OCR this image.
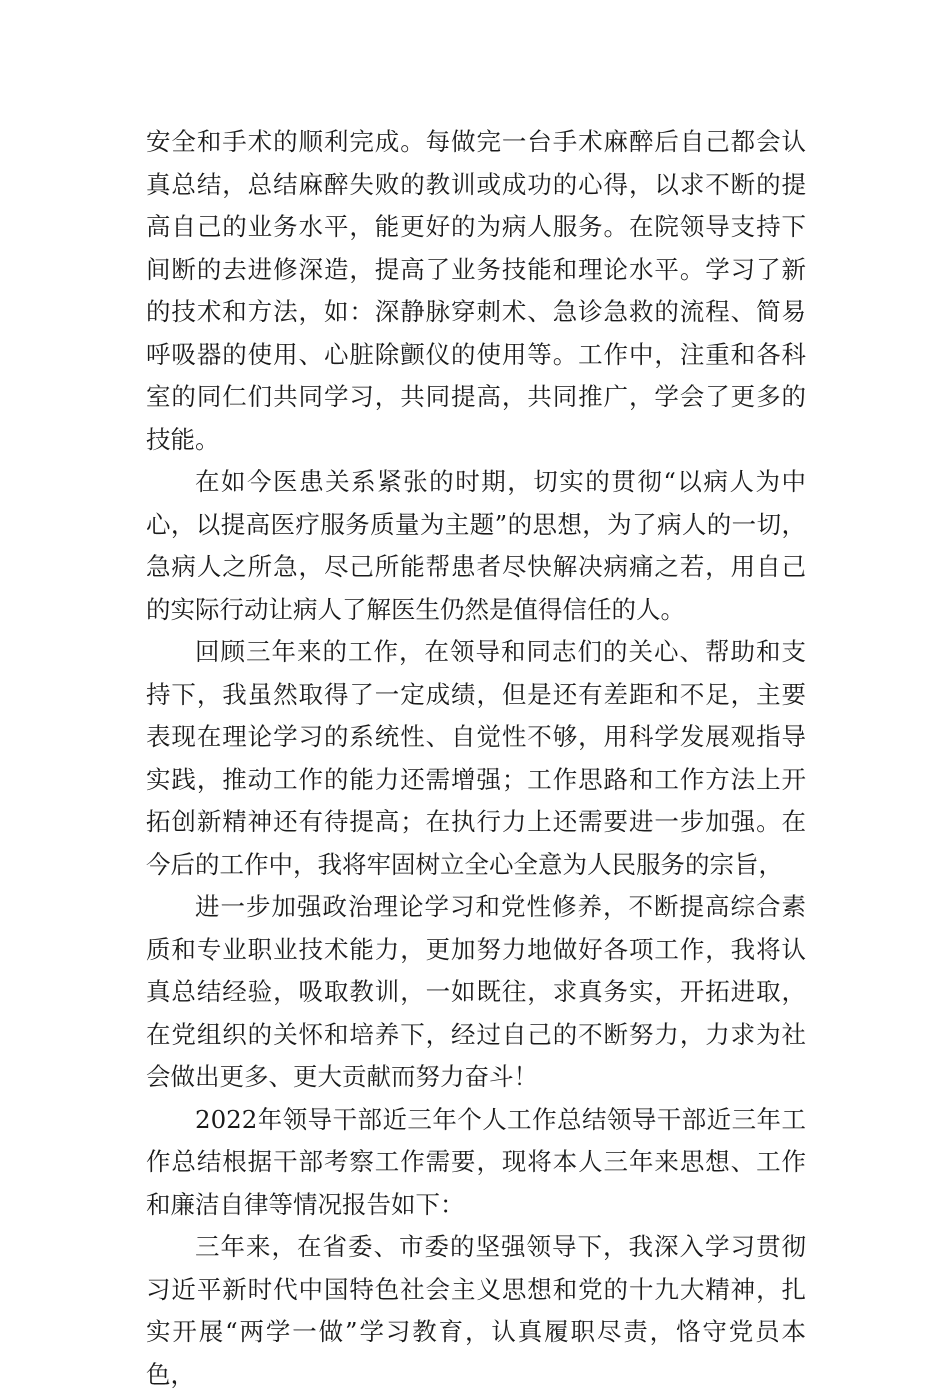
安全和手术的顺利完成。每做完一台手术麻醉后自己都会认真总结，总结麻醉失败的教训或成功的心得，以求不断的提高自己的业务水平，能更好的为病人服务。在院领导支持下间断的去进修深造，提高了业务技能和理论水平。学习了新的技术和方法，如：深静脉穿刺术、急诊急救的流程、简易呼吸器的使用、心脏除颤仪的使用等。工作中，注重和各科室的同仁们共同学习，共同提高，共同推广，学会了更多的技能。

在如今医患关系紧张的时期，切实的贯彻“以病人为中心，以提高医疗服务质量为主题”的思想，为了病人的一切，急病人之所急，尽己所能帮患者尽快解决病痛之若，用自己的实际行动让病人了解医生仍然是值得信任的人。

回顾三年来的工作，在领导和同志们的关心、帮助和支持下，我虽然取得了一定成绩，但是还有差距和不足，主要表现在理论学习的系统性、自觉性不够，用科学发展观指导实践，推动工作的能力还需增强；工作思路和工作方法上开拓创新精神还有待提高；在执行力上还需要进一步加强。在今后的工作中，我将牢固树立全心全意为人民服务的宗旨，

进一步加强政治理论学习和党性修养，不断提高综合素质和专业职业技术能力，更加努力地做好各项工作，我将认真总结经验，吸取教训，一如既往，求真务实，开拓进取，在党组织的关怀和培养下，经过自己的不断努力，力求为社会做出更多、更大贡献而努力奋斗！

2022年领导干部近三年个人工作总结领导干部近三年工作总结根据干部考察工作需要，现将本人三年来思想、工作和廉洁自律等情况报告如下：

三年来，在省委、市委的坚强领导下，我深入学习贯彻习近平新时代中国特色社会主义思想和党的十九大精神，扎实开展“两学一做”学习教育，认真履职尽责，恪守党员本色，
